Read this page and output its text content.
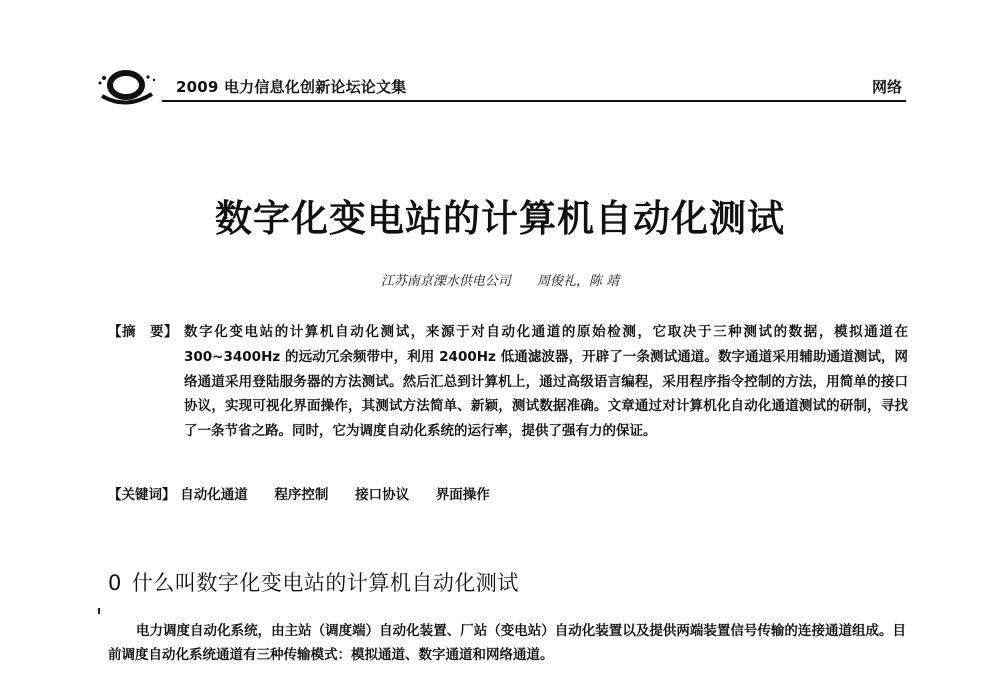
2009 电力信息化创新论坛论文集	网络
数字化变电站的计算机自动化测试
江苏南京溧水供电公司 周俊礼，陈 靖
【摘　要】 数字化变电站的计算机自动化测试，来源于对自动化通道的原始检测，它取决于三种测试的数据，模拟通道在 300~3400Hz 的远动冗余频带中，利用 2400Hz 低通滤波器，开辟了一条测试通道。数字通道采用辅助通道测试，网络通道采用登陆服务器的方法测试。然后汇总到计算机上，通过高级语言编程，采用程序指令控制的方法，用简单的接口协议，实现可视化界面操作，其测试方法简单、新颖，测试数据准确。文章通过对计算机化自动化通道测试的研制，寻找了一条节省之路。同时，它为调度自动化系统的运行率，提供了强有力的保证。
【关键词】 自动化通道 程序控制 接口协议 界面操作
0 什么叫数字化变电站的计算机自动化测试
电力调度自动化系统，由主站（调度端）自动化装置、厂站（变电站）自动化装置以及提供两端装置信号传输的连接通道组成。目前调度自动化系统通道有三种传输模式：模拟通道、数字通道和网络通道。
